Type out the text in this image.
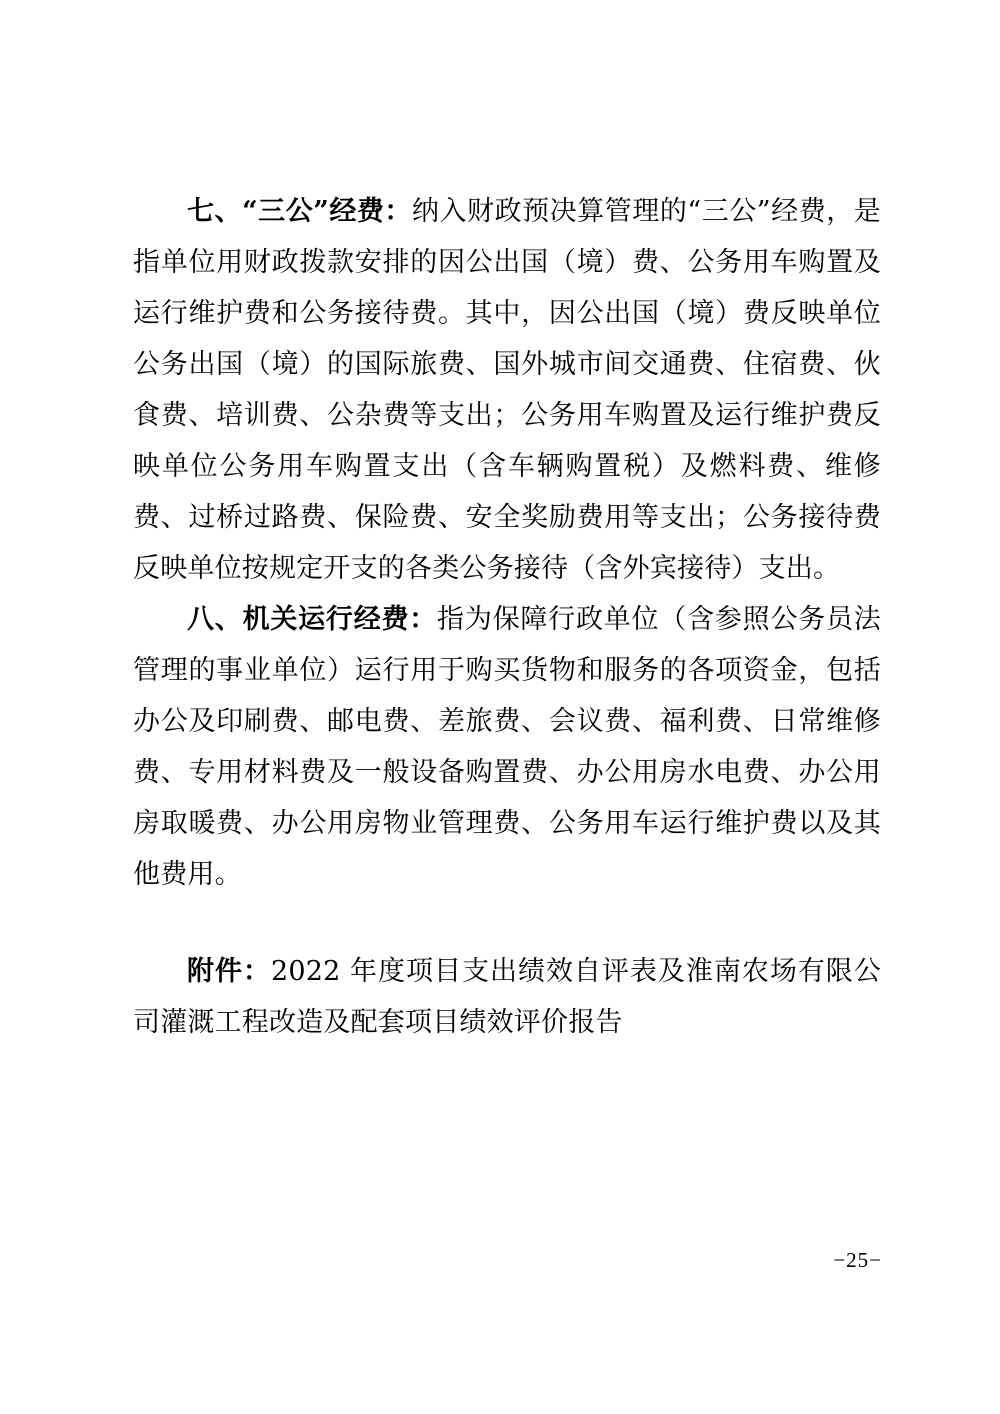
七、“三公”经费：纳入财政预决算管理的“三公”经费，是指单位用财政拨款安排的因公出国（境）费、公务用车购置及运行维护费和公务接待费。其中，因公出国（境）费反映单位公务出国（境）的国际旅费、国外城市间交通费、住宿费、伙食费、培训费、公杂费等支出；公务用车购置及运行维护费反映单位公务用车购置支出（含车辆购置税）及燃料费、维修费、过桥过路费、保险费、安全奖励费用等支出；公务接待费反映单位按规定开支的各类公务接待（含外宾接待）支出。

八、机关运行经费：指为保障行政单位（含参照公务员法管理的事业单位）运行用于购买货物和服务的各项资金，包括办公及印刷费、邮电费、差旅费、会议费、福利费、日常维修费、专用材料费及一般设备购置费、办公用房水电费、办公用房取暖费、办公用房物业管理费、公务用车运行维护费以及其他费用。

附件：2022 年度项目支出绩效自评表及淮南农场有限公司灌溉工程改造及配套项目绩效评价报告

−25−
